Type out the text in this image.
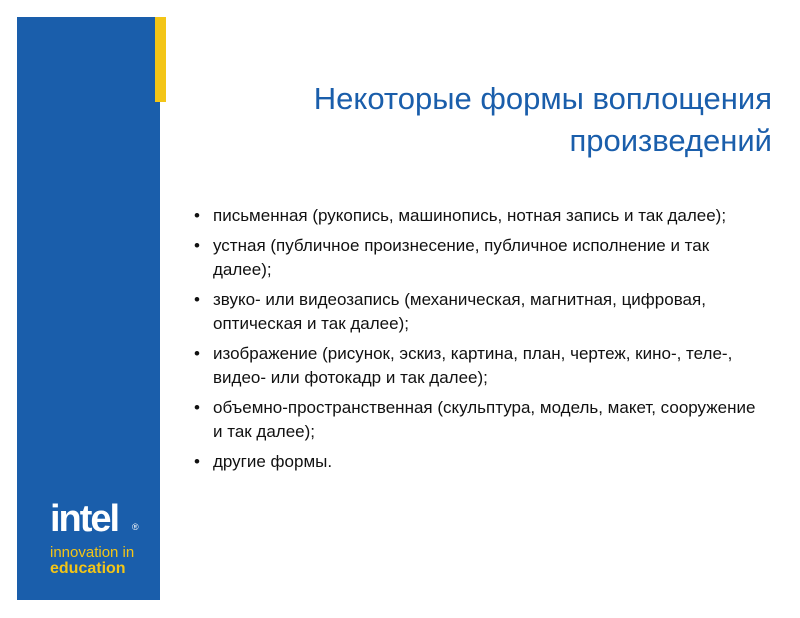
intel ®
innovation in
education
Некоторые формы воплощения
произведений
• письменная (рукопись, машинопись, нотная запись и так далее);
• устная (публичное произнесение, публичное исполнение и так далее);
• звуко- или видеозапись (механическая, магнитная, цифровая, оптическая и так далее);
• изображение (рисунок, эскиз, картина, план, чертеж, кино-, теле-, видео- или фотокадр и так далее);
• объемно-пространственная (скульптура, модель, макет, сооружение и так далее);
• другие формы.
